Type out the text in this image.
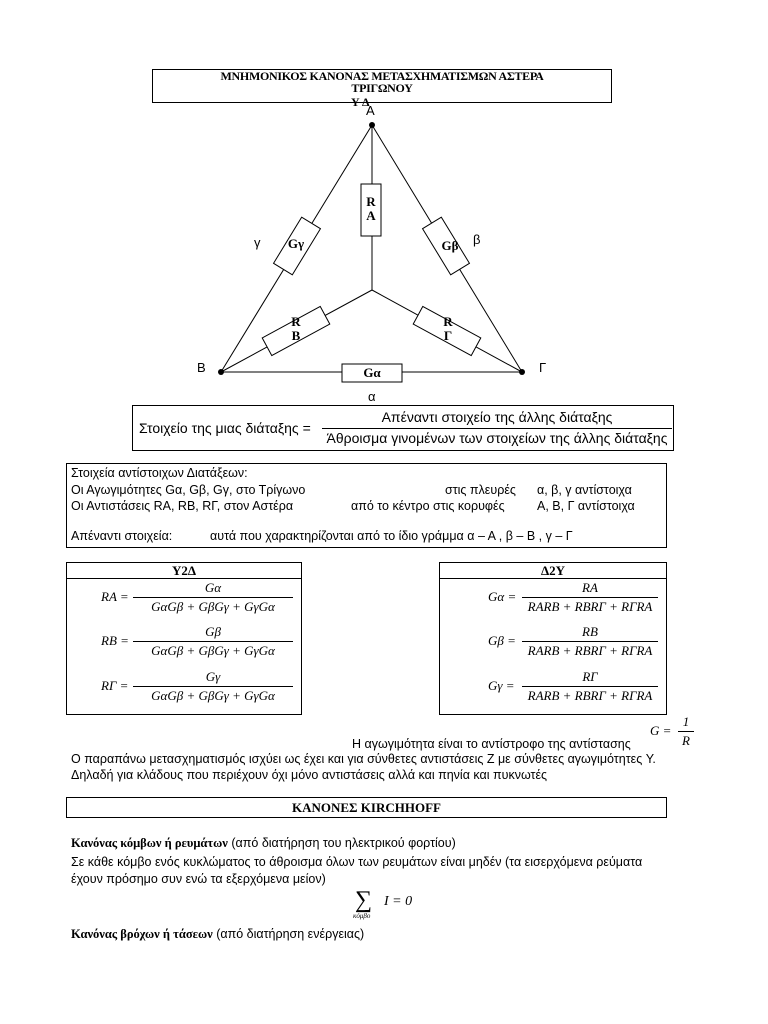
ΜΝΗΜΟΝΙΚΟΣ ΚΑΝΟΝΑΣ ΜΕΤΑΣΧΗΜΑΤΙΣΜΩΝ ΑΣΤΕΡΑ
ΤΡΙΓΩΝΟΥ
Υ Δ
Α
Β	Γ
α
β
γ
R
A
R
B
R
Γ
Gα
Gβ
Gγ
Στοιχείο της μιας διάταξης =
Απέναντι στοιχείο της άλλης διάταξης
Άθροισμα γινομένων των στοιχείων της άλλης διάταξης
Στοιχεία αντίστοιχων Διατάξεων:
Οι Αγωγιμότητες Gα, Gβ, Gγ, στο Τρίγωνο	στις πλευρές α, β, γ αντίστοιχα
Οι Αντιστάσεις RΑ, RΒ, RΓ, στον Αστέρα	από το κέντρο στις κορυφές	Α, Β, Γ αντίστοιχα
Απέναντι στοιχεία:	αυτά που χαρακτηρίζονται από το ίδιο γράμμα α – Α , β – Β , γ – Γ
Y2Δ
RΑ =
Gα
GαGβ + GβGγ + GγGα
RΒ =
Gβ
GαGβ + GβGγ + GγGα
RΓ =
Gγ
GαGβ + GβGγ + GγGα
Δ2Y
Gα =
RΑ
RΑRΒ + RΒRΓ + RΓRΑ
Gβ =
RΒ
RΑRΒ + RΒRΓ + RΓRΑ
Gγ =
RΓ
RΑRΒ + RΒRΓ + RΓRΑ
G =
1
R
Η αγωγιμότητα είναι το αντίστροφο της αντίστασης
Ο παραπάνω μετασχηματισμός ισχύει ως έχει και για σύνθετες αντιστάσεις Z με σύνθετες αγωγιμότητες Y.
Δηλαδή για κλάδους που περιέχουν όχι μόνο αντιστάσεις αλλά και πηνία και πυκνωτές
ΚΑΝΟΝΕΣ KIRCHHOFF
Κανόνας κόμβων ή ρευμάτων (από διατήρηση του ηλεκτρικού φορτίου)
Σε κάθε κόμβο ενός κυκλώματος το άθροισμα όλων των ρευμάτων είναι μηδέν (τα εισερχόμενα ρεύματα
έχουν πρόσημο συν ενώ τα εξερχόμενα μείον)
∑ I = 0
κόμβο
Κανόνας βρόχων ή τάσεων (από διατήρηση ενέργειας)
